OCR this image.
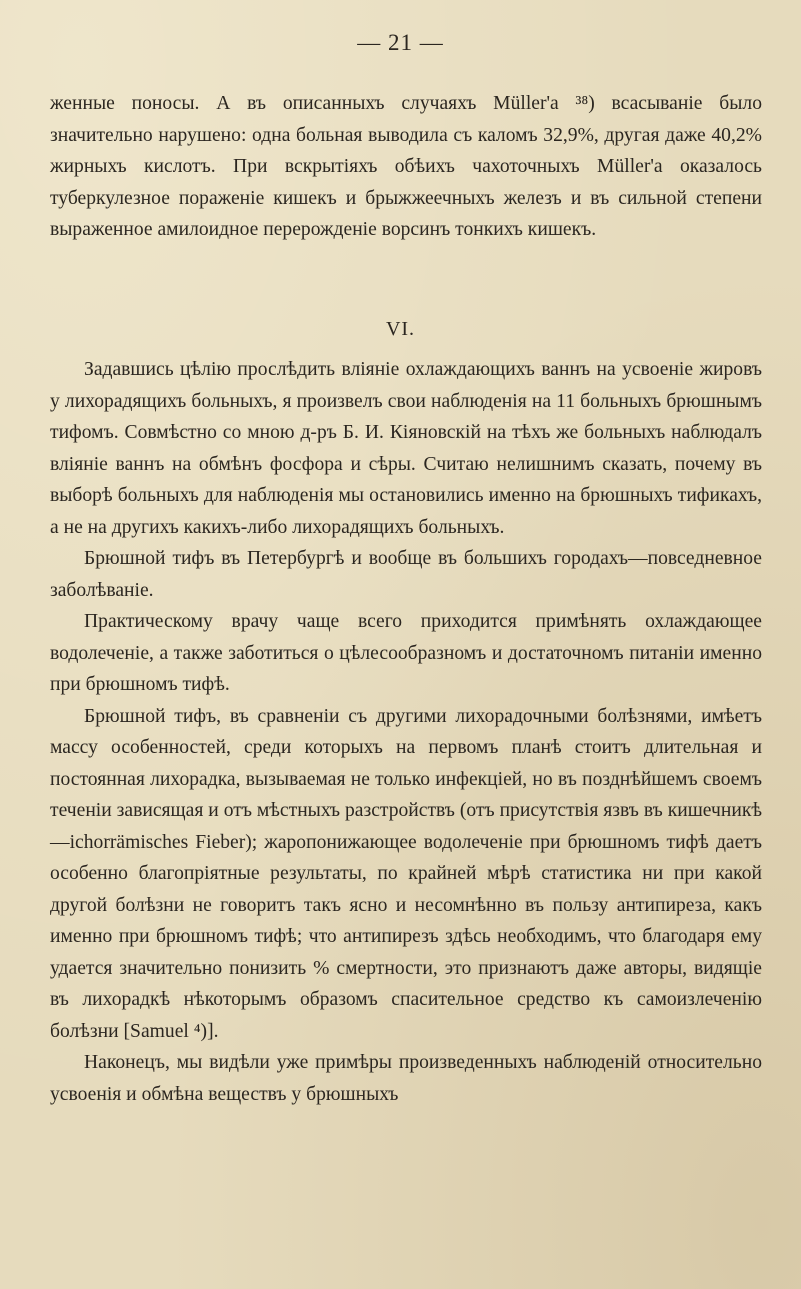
— 21 —

женные поносы. А въ описанныхъ случаяхъ Müller'а ³⁸) всасываніе было значительно нарушено: одна больная выводила съ каломъ 32,9%, другая даже 40,2% жирныхъ кислотъ. При вскрытіяхъ обѣихъ чахоточныхъ Müller'а оказалось туберкулезное пораженіе кишекъ и брыжжеечныхъ железъ и въ сильной степени выраженное амилоидное перерожденіе ворсинъ тонкихъ кишекъ.

VI.

Задавшись цѣлію прослѣдить вліяніе охлаждающихъ ваннъ на усвоеніе жировъ у лихорадящихъ больныхъ, я произвелъ свои наблюденія на 11 больныхъ брюшнымъ тифомъ. Совмѣстно со мною д-ръ Б. И. Кіяновскій на тѣхъ же больныхъ наблюдалъ вліяніе ваннъ на обмѣнъ фосфора и сѣры. Считаю нелишнимъ сказать, почему въ выборѣ больныхъ для наблюденія мы остановились именно на брюшныхъ тификахъ, а не на другихъ какихъ-либо лихорадящихъ больныхъ.

Брюшной тифъ въ Петербургѣ и вообще въ большихъ городахъ—повседневное заболѣваніе.

Практическому врачу чаще всего приходится примѣнять охлаждающее водолеченіе, а также заботиться о цѣлесообразномъ и достаточномъ питаніи именно при брюшномъ тифѣ.

Брюшной тифъ, въ сравненіи съ другими лихорадочными болѣзнями, имѣетъ массу особенностей, среди которыхъ на первомъ планѣ стоитъ длительная и постоянная лихорадка, вызываемая не только инфекціей, но въ позднѣйшемъ своемъ теченіи зависящая и отъ мѣстныхъ разстройствъ (отъ присутствія язвъ въ кишечникѣ—ichorrämisches Fieber); жаропонижающее водолеченіе при брюшномъ тифѣ даетъ особенно благопріятные результаты, по крайней мѣрѣ статистика ни при какой другой болѣзни не говоритъ такъ ясно и несомнѣнно въ пользу антипиреза, какъ именно при брюшномъ тифѣ; что антипирезъ здѣсь необходимъ, что благодаря ему удается значительно понизить % смертности, это признаютъ даже авторы, видящіе въ лихорадкѣ нѣкоторымъ образомъ спасительное средство къ самоизлеченію болѣзни [Samuel ⁴)].

Наконецъ, мы видѣли уже примѣры произведенныхъ наблюденій относительно усвоенія и обмѣна веществъ у брюшныхъ
